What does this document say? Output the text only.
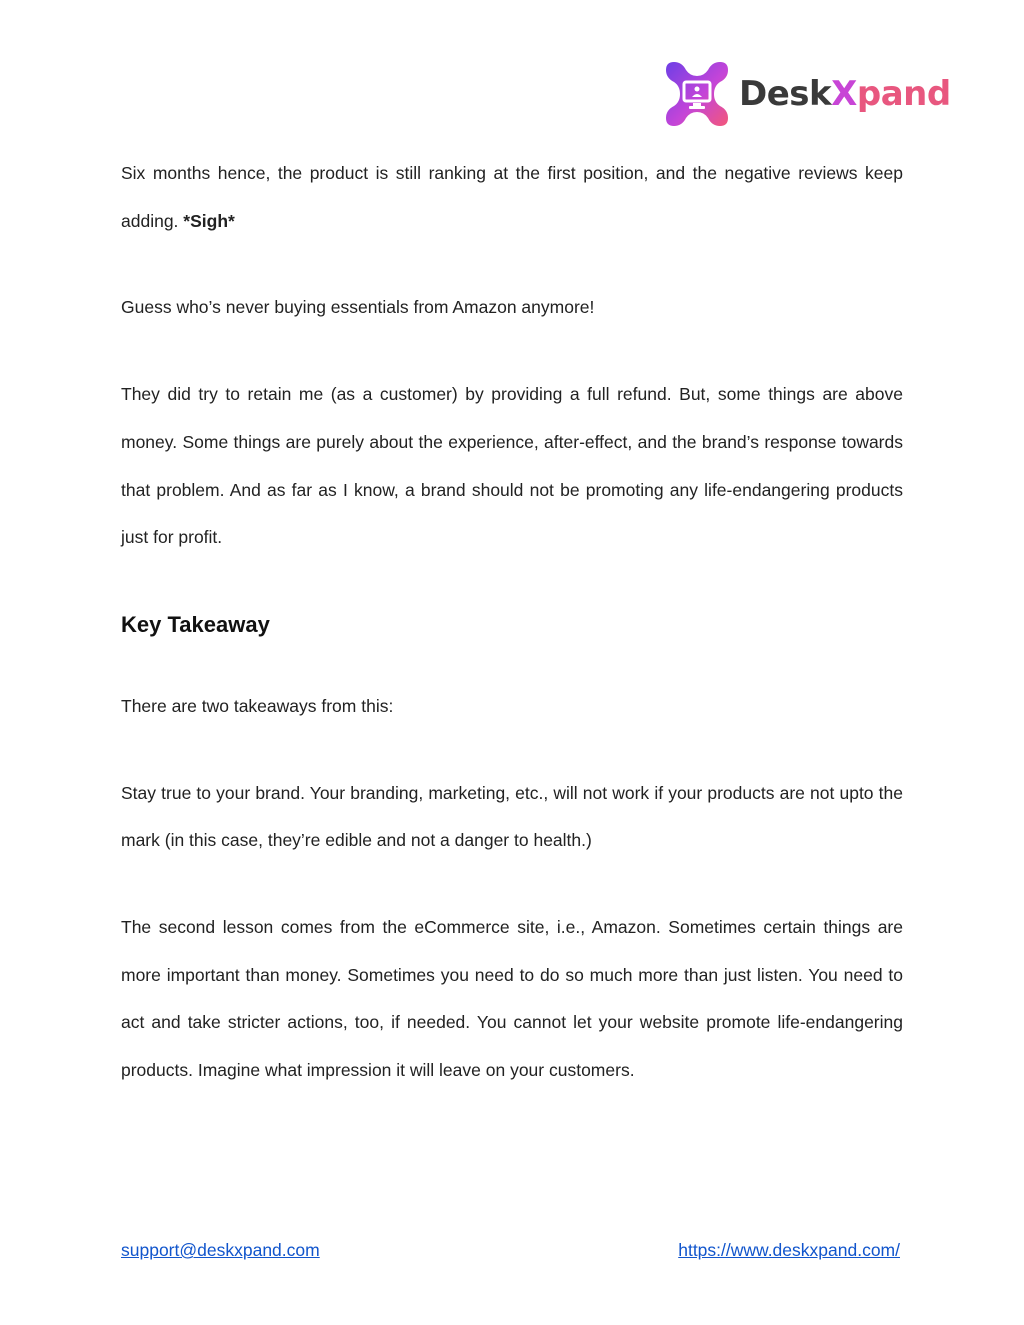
DeskXpand

Six months hence, the product is still ranking at the first position, and the negative reviews keep adding. *Sigh*

Guess who’s never buying essentials from Amazon anymore!

They did try to retain me (as a customer) by providing a full refund. But, some things are above money. Some things are purely about the experience, after-effect, and the brand’s response towards that problem. And as far as I know, a brand should not be promoting any life-endangering products just for profit.

Key Takeaway

There are two takeaways from this:

Stay true to your brand. Your branding, marketing, etc., will not work if your products are not upto the mark (in this case, they’re edible and not a danger to health.)

The second lesson comes from the eCommerce site, i.e., Amazon. Sometimes certain things are more important than money. Sometimes you need to do so much more than just listen. You need to act and take stricter actions, too, if needed. You cannot let your website promote life-endangering products. Imagine what impression it will leave on your customers.

support@deskxpand.com	https://www.deskxpand.com/
